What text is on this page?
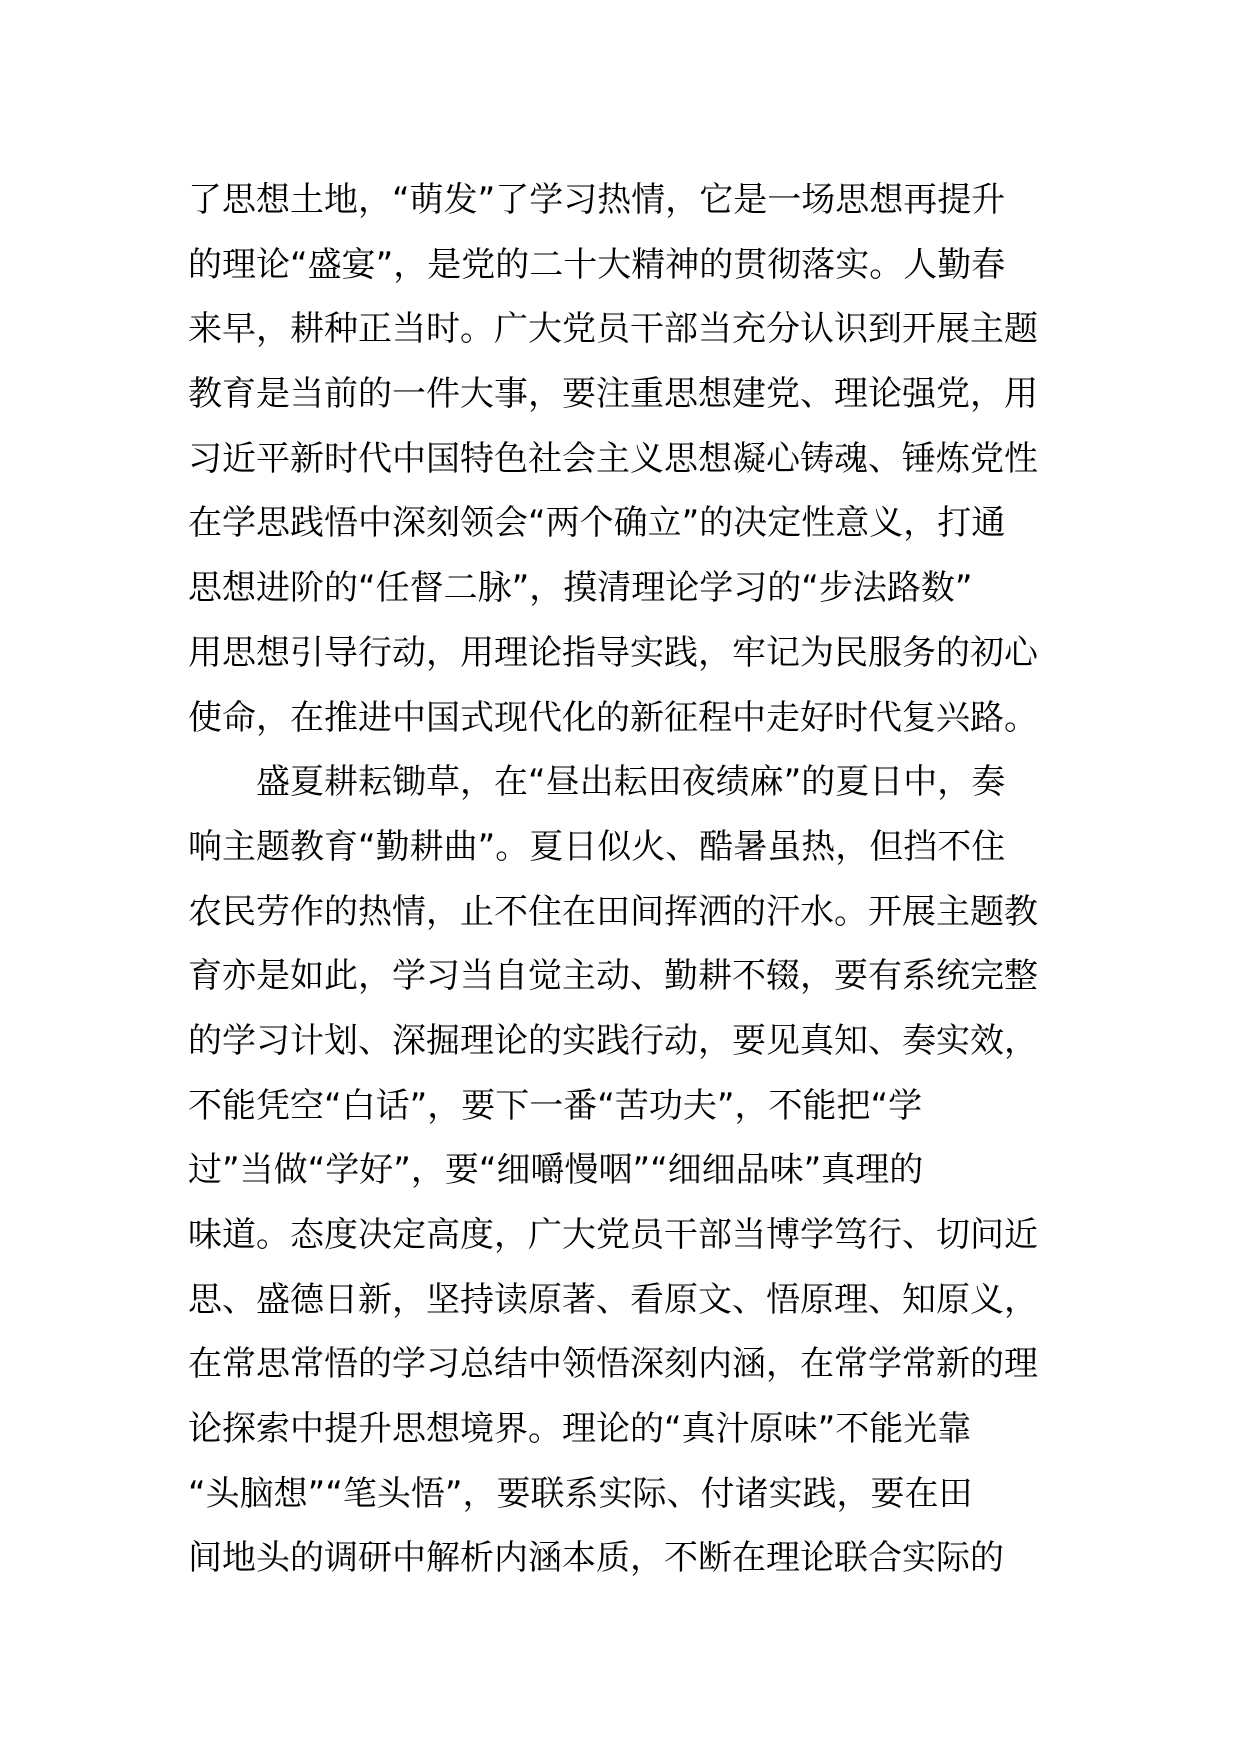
了思想土地，“萌发”了学习热情，它是一场思想再提升
的理论“盛宴”，是党的二十大精神的贯彻落实。人勤春
来早，耕种正当时。广大党员干部当充分认识到开展主题
教育是当前的一件大事，要注重思想建党、理论强党，用
习近平新时代中国特色社会主义思想凝心铸魂、锤炼党性
在学思践悟中深刻领会“两个确立”的决定性意义，打通
思想进阶的“任督二脉”，摸清理论学习的“步法路数”
用思想引导行动，用理论指导实践，牢记为民服务的初心
使命，在推进中国式现代化的新征程中走好时代复兴路。
盛夏耕耘锄草，在“昼出耘田夜绩麻”的夏日中，奏
响主题教育“勤耕曲”。夏日似火、酷暑虽热，但挡不住
农民劳作的热情，止不住在田间挥洒的汗水。开展主题教
育亦是如此，学习当自觉主动、勤耕不辍，要有系统完整
的学习计划、深掘理论的实践行动，要见真知、奏实效，
不能凭空“白话”，要下一番“苦功夫”，不能把“学
过”当做“学好”，要“细嚼慢咽”“细细品味”真理的
味道。态度决定高度，广大党员干部当博学笃行、切问近
思、盛德日新，坚持读原著、看原文、悟原理、知原义，
在常思常悟的学习总结中领悟深刻内涵，在常学常新的理
论探索中提升思想境界。理论的“真汁原味”不能光靠
“头脑想”“笔头悟”，要联系实际、付诸实践，要在田
间地头的调研中解析内涵本质，不断在理论联合实际的
